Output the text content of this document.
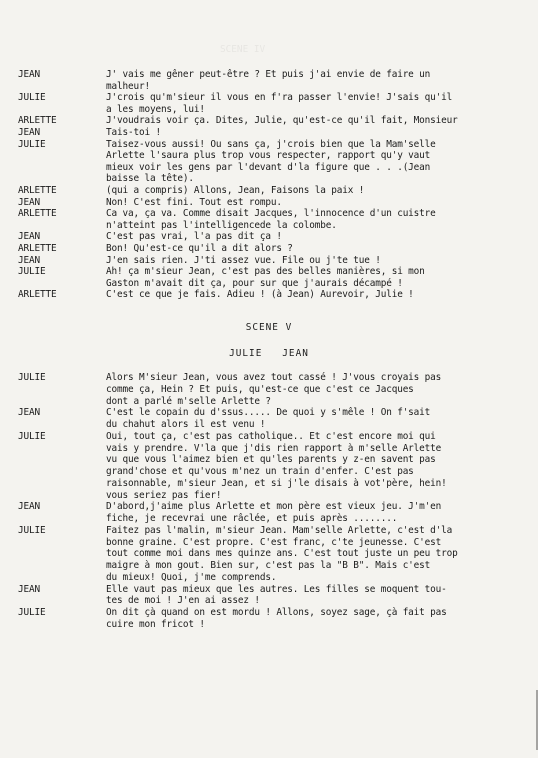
SCENE IV
JEAN	J' vais me gêner peut-être ? Et puis j'ai envie de faire un
malheur!
JULIE	J'crois qu'm'sieur il vous en f'ra passer l'envie! J'sais qu'il
a les moyens, lui!
ARLETTE	J'voudrais voir ça. Dites, Julie, qu'est-ce qu'il fait, Monsieur
JEAN	Tais-toi !
JULIE	Taisez-vous aussi! Ou sans ça, j'crois bien que la Mam'selle
Arlette l'saura plus trop vous respecter, rapport qu'y vaut
mieux voir les gens par l'devant d'la figure que . . .(Jean
baisse la tête).
ARLETTE	(qui a compris) Allons, Jean, Faisons la paix !
JEAN	Non! C'est fini. Tout est rompu.
ARLETTE	Ca va, ça va. Comme disait Jacques, l'innocence d'un cuistre
n'atteint pas l'intelligencede la colombe.
JEAN	C'est pas vrai, l'a pas dit ça !
ARLETTE	Bon! Qu'est-ce qu'il a dit alors ?
JEAN	J'en sais rien. J'ti assez vue. File ou j'te tue !
JULIE	Ah! ça m'sieur Jean, c'est pas des belles manières, si mon
Gaston m'avait dit ça, pour sur que j'aurais décampé !
ARLETTE	C'est ce que je fais. Adieu ! (à Jean) Aurevoir, Julie !
SCENE V
JULIE   JEAN
JULIE	Alors M'sieur Jean, vous avez tout cassé ! J'vous croyais pas
comme ça, Hein ? Et puis, qu'est-ce que c'est ce Jacques
dont a parlé m'selle Arlette ?
JEAN	C'est le copain du d'ssus..... De quoi y s'mêle ! On f'sait
du chahut alors il est venu !
JULIE	Oui, tout ça, c'est pas catholique.. Et c'est encore moi qui
vais y prendre. V'la que j'dis rien rapport à m'selle Arlette
vu que vous l'aimez bien et qu'les parents y z-en savent pas
grand'chose et qu'vous m'nez un train d'enfer. C'est pas
raisonnable, m'sieur Jean, et si j'le disais à vot'père, hein!
vous seriez pas fier!
JEAN	D'abord,j'aime plus Arlette et mon père est vieux jeu. J'm'en
fiche, je recevrai une râclée, et puis après ........
JULIE	Faitez pas l'malin, m'sieur Jean. Mam'selle Arlette, c'est d'la
bonne graine. C'est propre. C'est franc, c'te jeunesse. C'est
tout comme moi dans mes quinze ans. C'est tout juste un peu trop
maigre à mon gout. Bien sur, c'est pas la "B B". Mais c'est
du mieux! Quoi, j'me comprends.
JEAN	Elle vaut pas mieux que les autres. Les filles se moquent tou-
tes de moi ! J'en ai assez !
JULIE	On dit çà quand on est mordu ! Allons, soyez sage, çà fait pas
cuire mon fricot !
